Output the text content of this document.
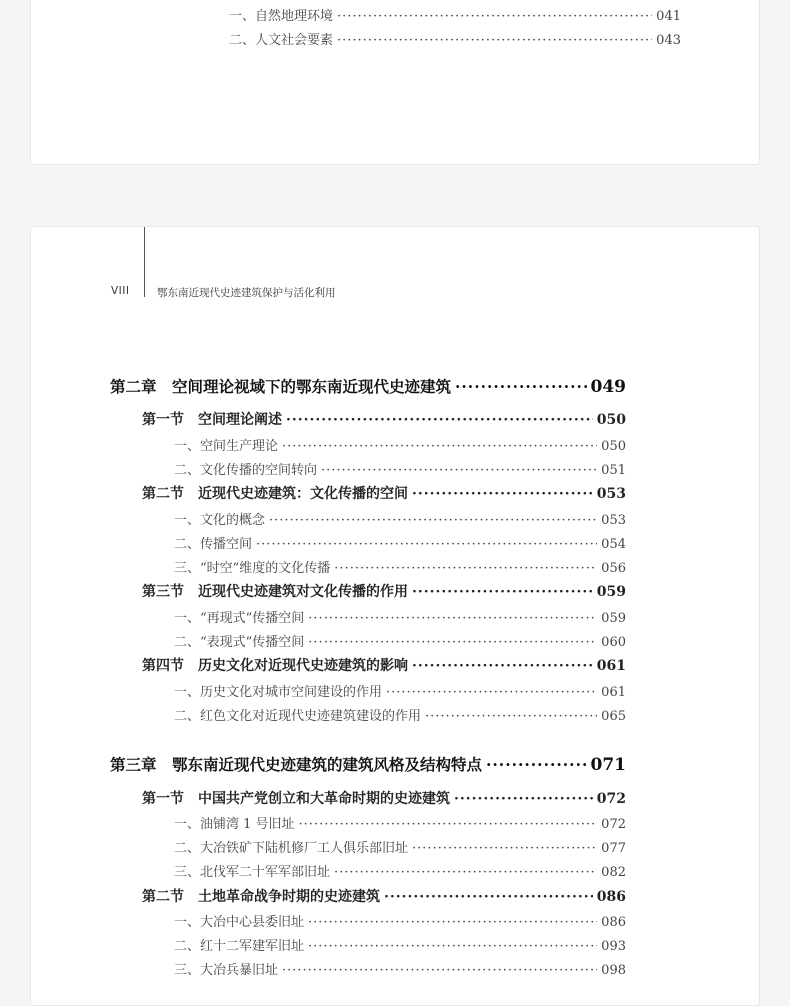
一、自然地理环境 ·····	041
二、人文社会要素 ·····	043
VIII	鄂东南近现代史迹建筑保护与活化利用
第二章　空间理论视域下的鄂东南近现代史迹建筑 ·····	049
第一节　空间理论阐述 ·····	050
一、空间生产理论 ·····	050
二、文化传播的空间转向 ·····	051
第二节　近现代史迹建筑：文化传播的空间 ·····	053
一、文化的概念 ·····	053
二、传播空间 ·····	054
三、“时空”维度的文化传播 ·····	056
第三节　近现代史迹建筑对文化传播的作用 ·····	059
一、“再现式”传播空间 ·····	059
二、“表现式”传播空间 ·····	060
第四节　历史文化对近现代史迹建筑的影响 ·····	061
一、历史文化对城市空间建设的作用 ·····	061
二、红色文化对近现代史迹建筑建设的作用 ·····	065
第三章　鄂东南近现代史迹建筑的建筑风格及结构特点 ·····	071
第一节　中国共产党创立和大革命时期的史迹建筑 ·····	072
一、油铺湾 1 号旧址 ·····	072
二、大冶铁矿下陆机修厂工人俱乐部旧址 ·····	077
三、北伐军二十军军部旧址 ·····	082
第二节　土地革命战争时期的史迹建筑 ·····	086
一、大冶中心县委旧址 ·····	086
二、红十二军建军旧址 ·····	093
三、大冶兵暴旧址 ·····	098
